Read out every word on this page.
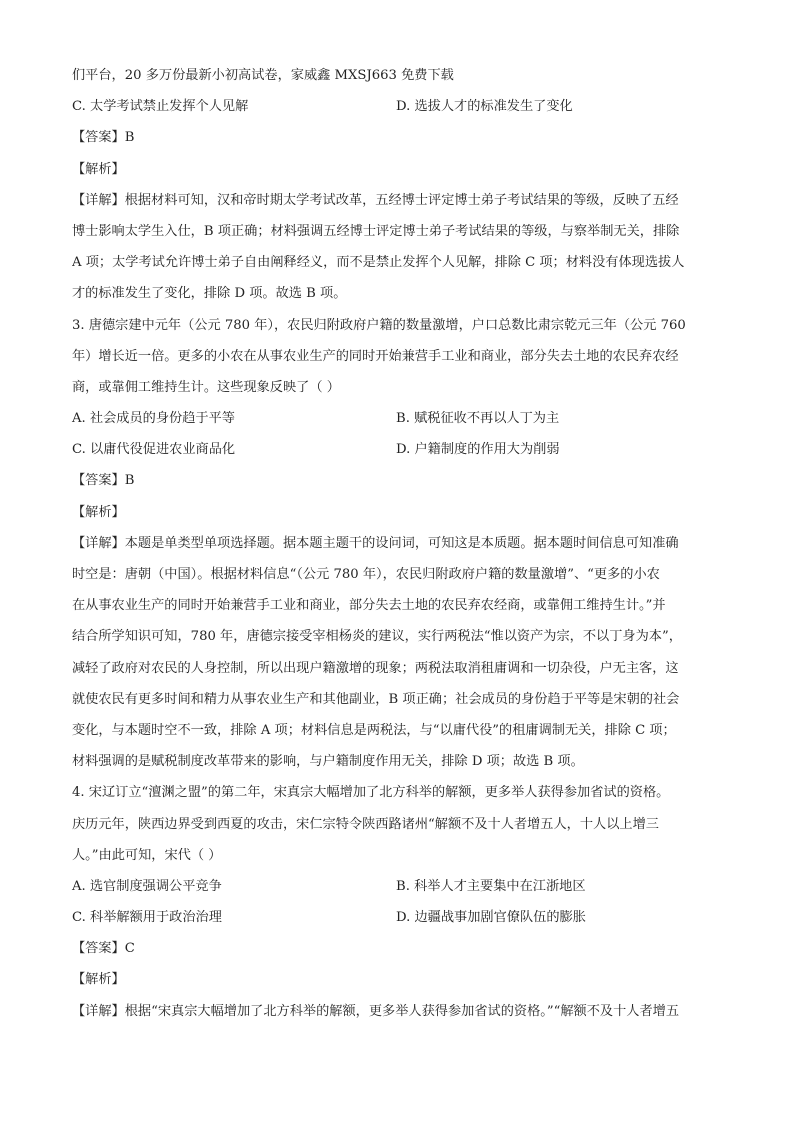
们平台，20 多万份最新小初高试卷，家威鑫 MXSJ663 免费下载
C. 太学考试禁止发挥个人见解	D. 选拔人才的标准发生了变化
【答案】B
【解析】
【详解】根据材料可知，汉和帝时期太学考试改革，五经博士评定博士弟子考试结果的等级，反映了五经
博士影响太学生入仕，B 项正确；材料强调五经博士评定博士弟子考试结果的等级，与察举制无关，排除
A 项；太学考试允许博士弟子自由阐释经义，而不是禁止发挥个人见解，排除 C 项；材料没有体现选拔人
才的标准发生了变化，排除 D 项。故选 B 项。
3. 唐德宗建中元年（公元 780 年），农民归附政府户籍的数量激增，户口总数比肃宗乾元三年（公元 760
年）增长近一倍。更多的小农在从事农业生产的同时开始兼营手工业和商业，部分失去土地的农民弃农经
商，或靠佣工维持生计。这些现象反映了（ ）
A. 社会成员的身份趋于平等	B. 赋税征收不再以人丁为主
C. 以庸代役促进农业商品化	D. 户籍制度的作用大为削弱
【答案】B
【解析】
【详解】本题是单类型单项选择题。据本题主题干的设问词，可知这是本质题。据本题时间信息可知准确
时空是：唐朝（中国）。根据材料信息“（公元 780 年），农民归附政府户籍的数量激增”、“更多的小农
在从事农业生产的同时开始兼营手工业和商业，部分失去土地的农民弃农经商，或靠佣工维持生计。”并
结合所学知识可知，780 年，唐德宗接受宰相杨炎的建议，实行两税法“惟以资产为宗，不以丁身为本”，
减轻了政府对农民的人身控制，所以出现户籍激增的现象；两税法取消租庸调和一切杂役，户无主客，这
就使农民有更多时间和精力从事农业生产和其他副业，B 项正确；社会成员的身份趋于平等是宋朝的社会
变化，与本题时空不一致，排除 A 项；材料信息是两税法，与“以庸代役”的租庸调制无关，排除 C 项；
材料强调的是赋税制度改革带来的影响，与户籍制度作用无关，排除 D 项；故选 B 项。
4. 宋辽订立“澶渊之盟”的第二年，宋真宗大幅增加了北方科举的解额，更多举人获得参加省试的资格。
庆历元年，陕西边界受到西夏的攻击，宋仁宗特令陕西路诸州“解额不及十人者增五人，十人以上增三
人。”由此可知，宋代（ ）
A. 选官制度强调公平竞争	B. 科举人才主要集中在江浙地区
C. 科举解额用于政治治理	D. 边疆战事加剧官僚队伍的膨胀
【答案】C
【解析】
【详解】根据“宋真宗大幅增加了北方科举的解额，更多举人获得参加省试的资格。”“解额不及十人者增五
